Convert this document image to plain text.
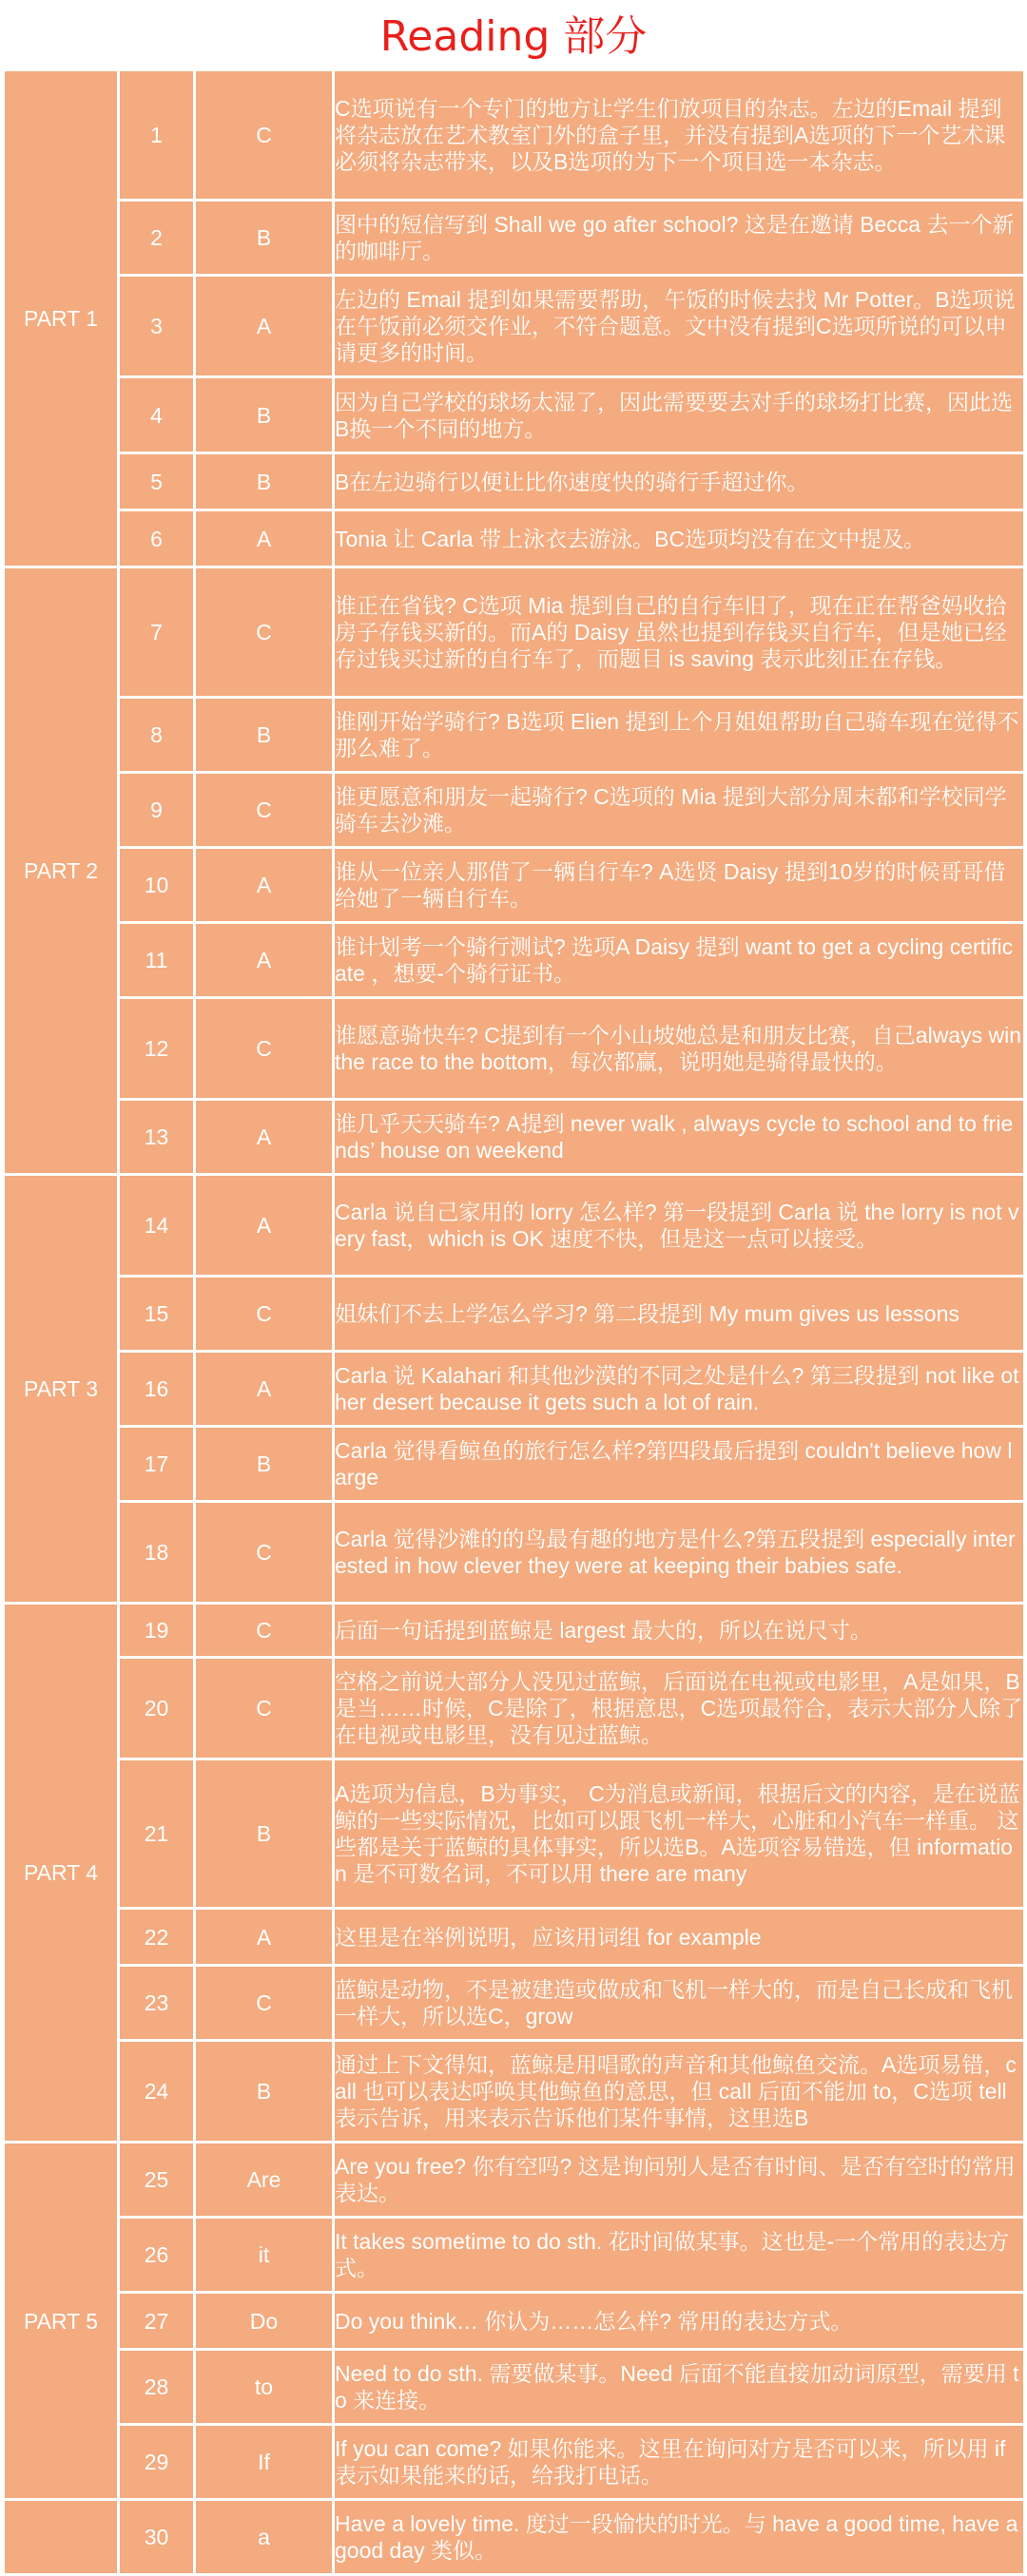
Reading 部分
PART 1	1	C	C选项说有一个专门的地方让学生们放项目的杂志。左边的Email 提到将杂志放在艺术教室门外的盒子里，并没有提到A选项的下一个艺术课必须将杂志带来，以及B选项的为下一个项目选一本杂志。
	2	B	图中的短信写到 Shall we go after school? 这是在邀请 Becca 去一个新的咖啡厅。
	3	A	左边的 Email 提到如果需要帮助，午饭的时候去找 Mr Potter。B选项说在午饭前必须交作业，不符合题意。文中没有提到C选项所说的可以申请更多的时间。
	4	B	因为自己学校的球场太湿了，因此需要要去对手的球场打比赛，因此选B换一个不同的地方。
	5	B	B在左边骑行以便让比你速度快的骑行手超过你。
	6	A	Tonia 让 Carla 带上泳衣去游泳。BC选项均没有在文中提及。
PART 2	7	C	谁正在省钱? C选项 Mia 提到自己的自行车旧了，现在正在帮爸妈收拾房子存钱买新的。而A的 Daisy 虽然也提到存钱买自行车，但是她已经存过钱买过新的自行车了，而题目 is saving 表示此刻正在存钱。
	8	B	谁刚开始学骑行? B选项 Elien 提到上个月姐姐帮助自己骑车现在觉得不那么难了。
	9	C	谁更愿意和朋友一起骑行? C选项的 Mia 提到大部分周末都和学校同学骑车去沙滩。
	10	A	谁从一位亲人那借了一辆自行车? A选贤 Daisy 提到10岁的时候哥哥借给她了一辆自行车。
	11	A	谁计划考一个骑行测试? 选项A Daisy 提到 want to get a cycling certificate ，想要-个骑行证书。
	12	C	谁愿意骑快车? C提到有一个小山坡她总是和朋友比赛，自己always win the race to the bottom，每次都赢，说明她是骑得最快的。
	13	A	谁几乎天天骑车? A提到 never walk , always cycle to school and to friends’ house on weekend
PART 3	14	A	Carla 说自己家用的 lorry 怎么样? 第一段提到 Carla 说 the lorry is not very fast，which is OK 速度不快，但是这一点可以接受。
	15	C	姐妹们不去上学怎么学习? 第二段提到 My mum gives us lessons
	16	A	Carla 说 Kalahari 和其他沙漠的不同之处是什么? 第三段提到 not like other desert because it gets such a lot of rain.
	17	B	Carla 觉得看鲸鱼的旅行怎么样?第四段最后提到 couldn't believe how large
	18	C	Carla 觉得沙滩的的鸟最有趣的地方是什么?第五段提到 especially interested in how clever they were at keeping their babies safe.
PART 4	19	C	后面一句话提到蓝鲸是 largest 最大的，所以在说尺寸。
	20	C	空格之前说大部分人没见过蓝鲸，后面说在电视或电影里，A是如果，B是当……时候，C是除了，根据意思，C选项最符合，表示大部分人除了在电视或电影里，没有见过蓝鲸。
	21	B	A选项为信息，B为事实， C为消息或新闻，根据后文的内容，是在说蓝鲸的一些实际情况，比如可以跟飞机一样大，心脏和小汽车一样重。 这些都是关于蓝鲸的具体事实，所以选B。A选项容易错选，但 information 是不可数名词，不可以用 there are many
	22	A	这里是在举例说明，应该用词组 for example
	23	C	蓝鲸是动物，不是被建造或做成和飞机一样大的，而是自己长成和飞机一样大，所以选C，grow
	24	B	通过上下文得知，蓝鲸是用唱歌的声音和其他鲸鱼交流。A选项易错，call 也可以表达呼唤其他鲸鱼的意思，但 call 后面不能加 to，C选项 tell 表示告诉，用来表示告诉他们某件事情，这里选B
PART 5	25	Are	Are you free? 你有空吗? 这是询问别人是否有时间、是否有空时的常用表达。
	26	it	It takes sometime to do sth. 花时间做某事。这也是-一个常用的表达方式。
	27	Do	Do you think… 你认为……怎么样? 常用的表达方式。
	28	to	Need to do sth. 需要做某事。Need 后面不能直接加动词原型，需要用 to 来连接。
	29	If	If you can come? 如果你能来。这里在询问对方是否可以来，所以用 if 表示如果能来的话，给我打电话。
	30	a	Have a lovely time. 度过一段愉快的时光。与 have a good time, have a good day 类似。
